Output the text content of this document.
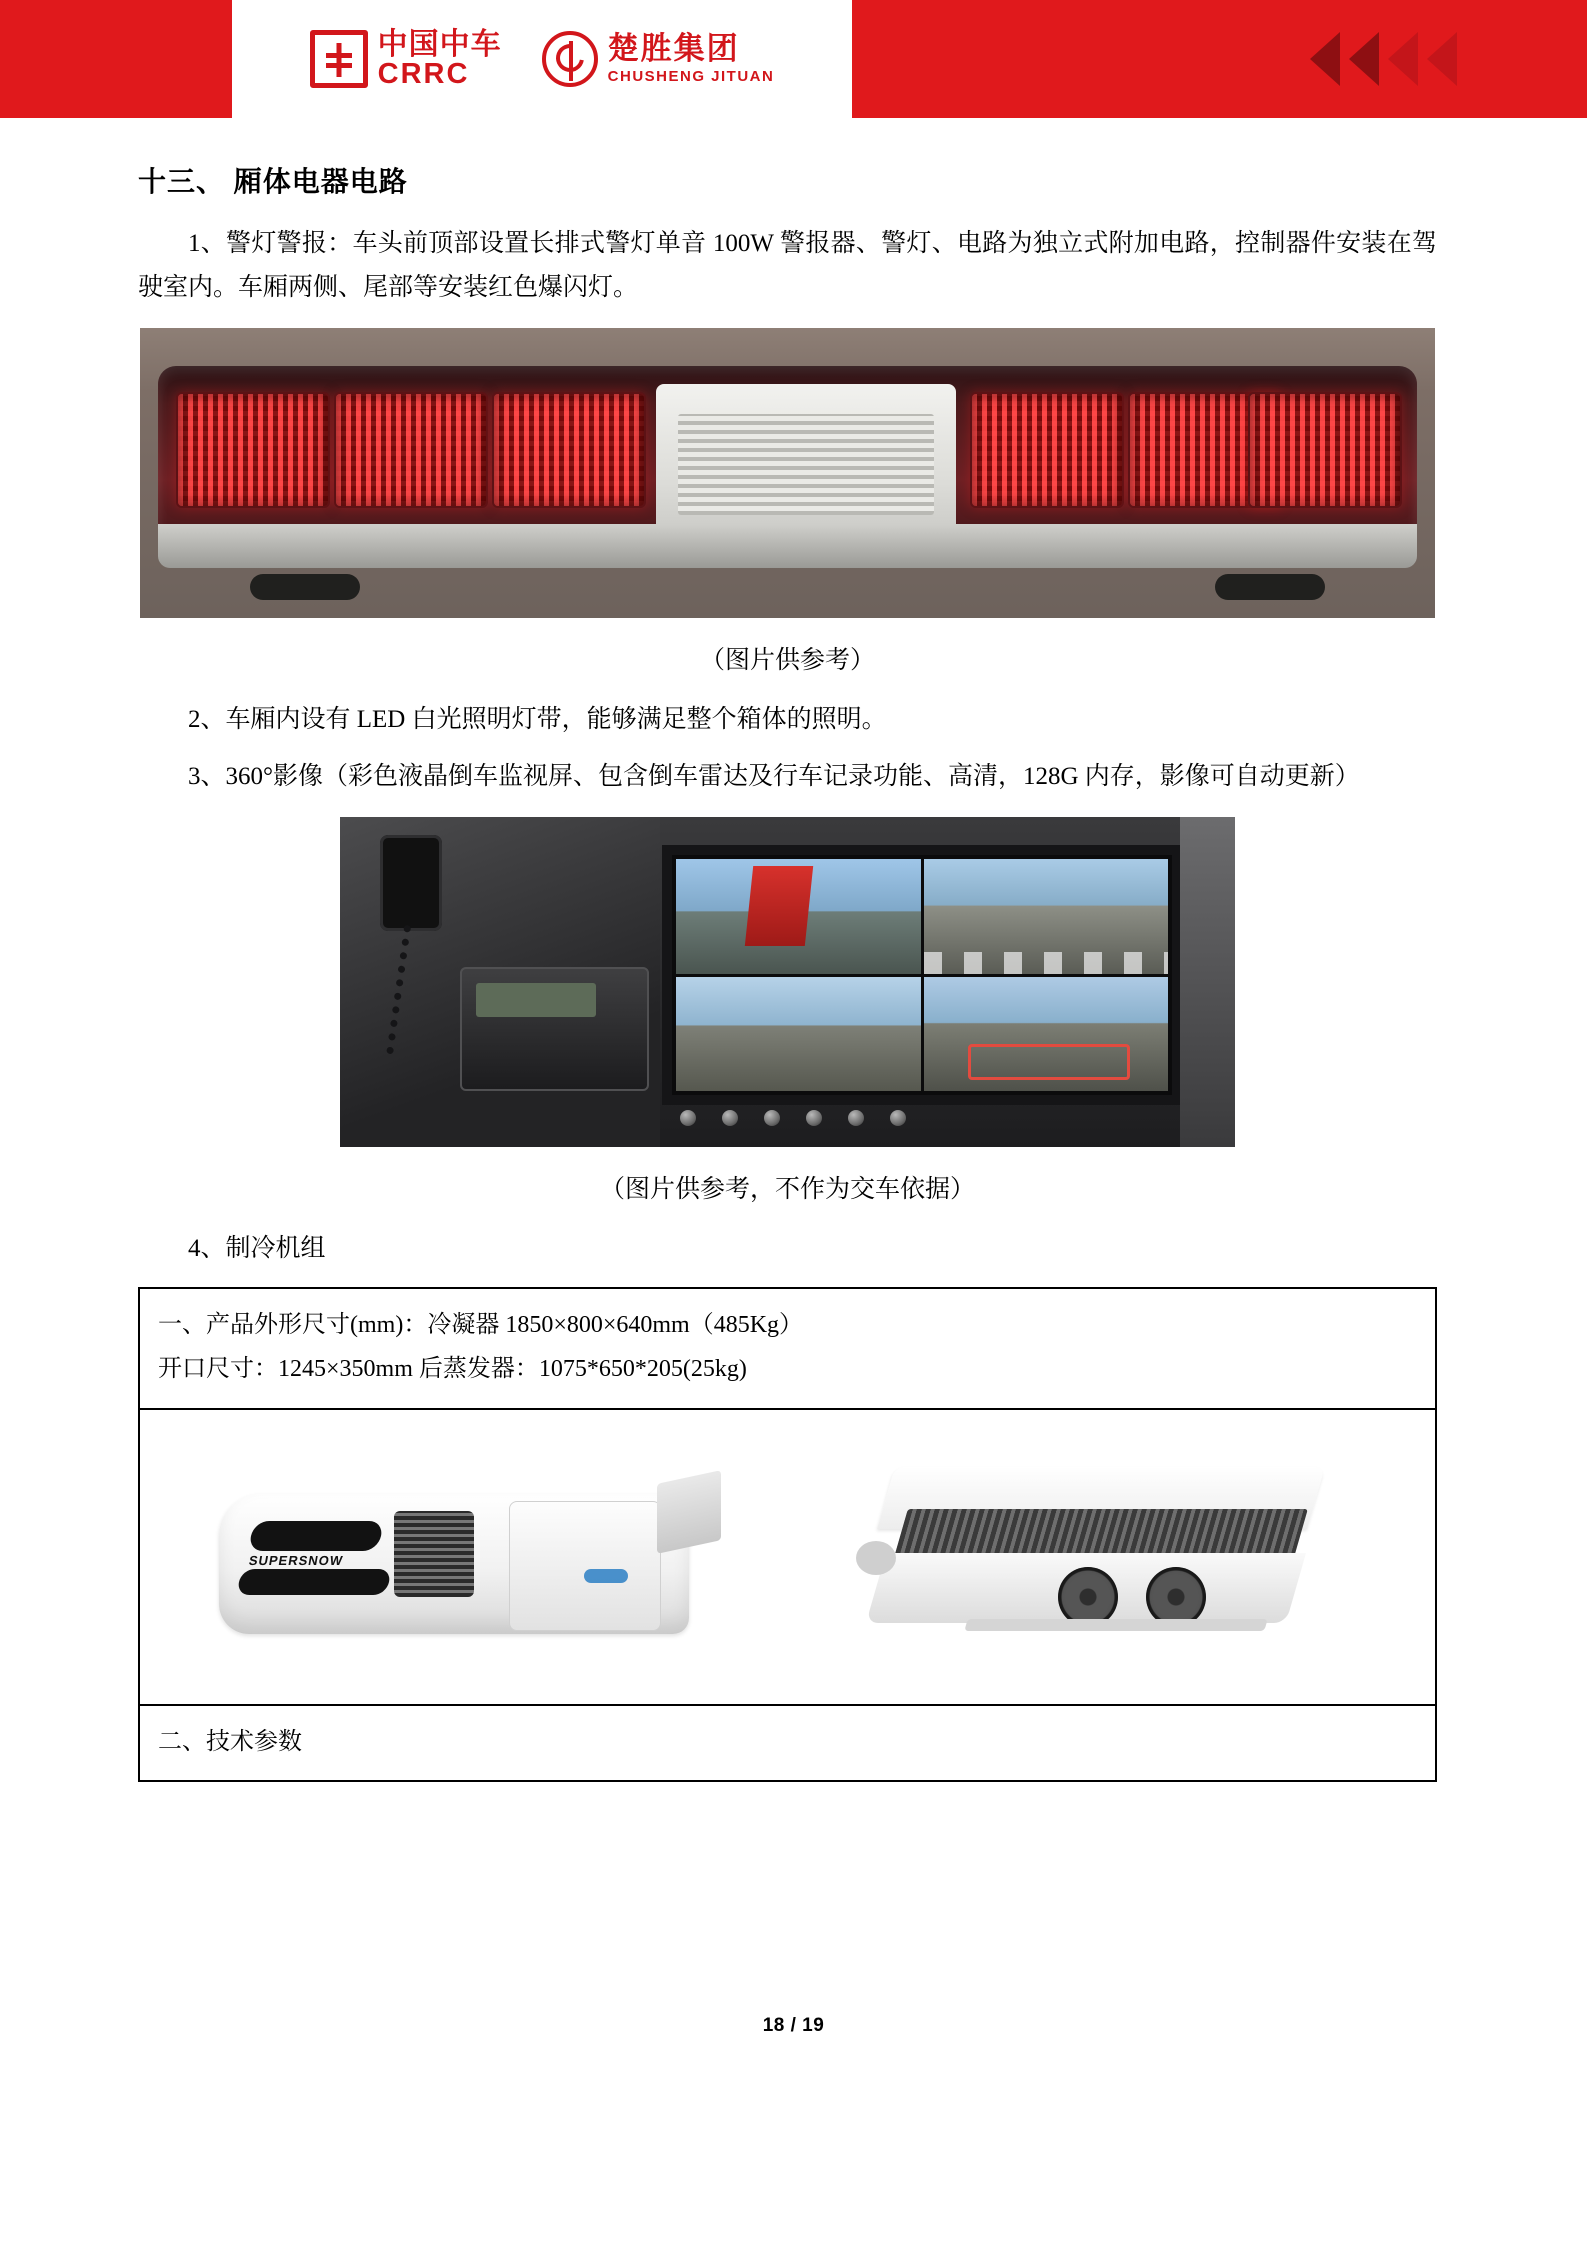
中国中车
CRRC
楚胜集团
CHUSHENG JITUAN
十三、 厢体电器电路

1、警灯警报：车头前顶部设置长排式警灯单音 100W 警报器、警灯、电路为独立式附加电路，控制器件安装在驾驶室内。车厢两侧、尾部等安装红色爆闪灯。

（图片供参考）

2、车厢内设有 LED 白光照明灯带，能够满足整个箱体的照明。

3、360°影像（彩色液晶倒车监视屏、包含倒车雷达及行车记录功能、高清，128G 内存，影像可自动更新）

（图片供参考，不作为交车依据）

4、制冷机组

一、产品外形尺寸(mm)：冷凝器 1850×800×640mm（485Kg）

开口尺寸：1245×350mm 后蒸发器：1075*650*205(25kg)

SUPERSNOW

二、技术参数

18 / 19
